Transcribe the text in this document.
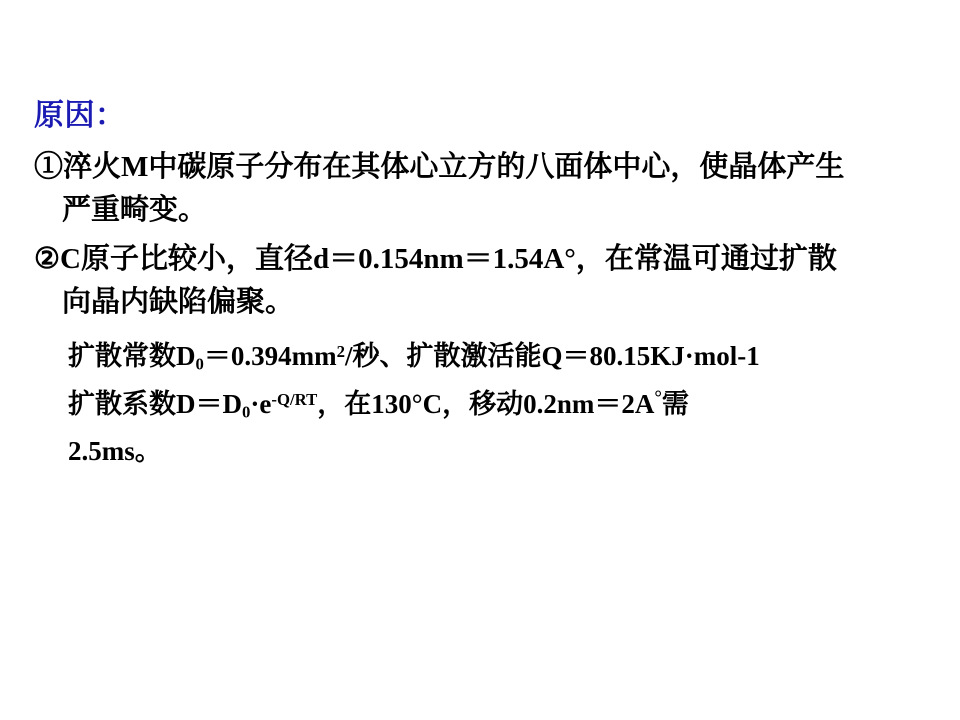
原因：
①淬火M中碳原子分布在其体心立方的八面体中心，使晶体产生
严重畸变。
②C原子比较小，直径d＝0.154nm＝1.54A°，在常温可通过扩散
向晶内缺陷偏聚。
扩散常数$D_0=0.394mm^2/$秒、扩散激活能Q＝80.15KJ·mol-1
扩散系数$D=D_0\cdot e^{-Q/RT}$，在130°C，移动0.2nm＝2A°需
2.5ms。
